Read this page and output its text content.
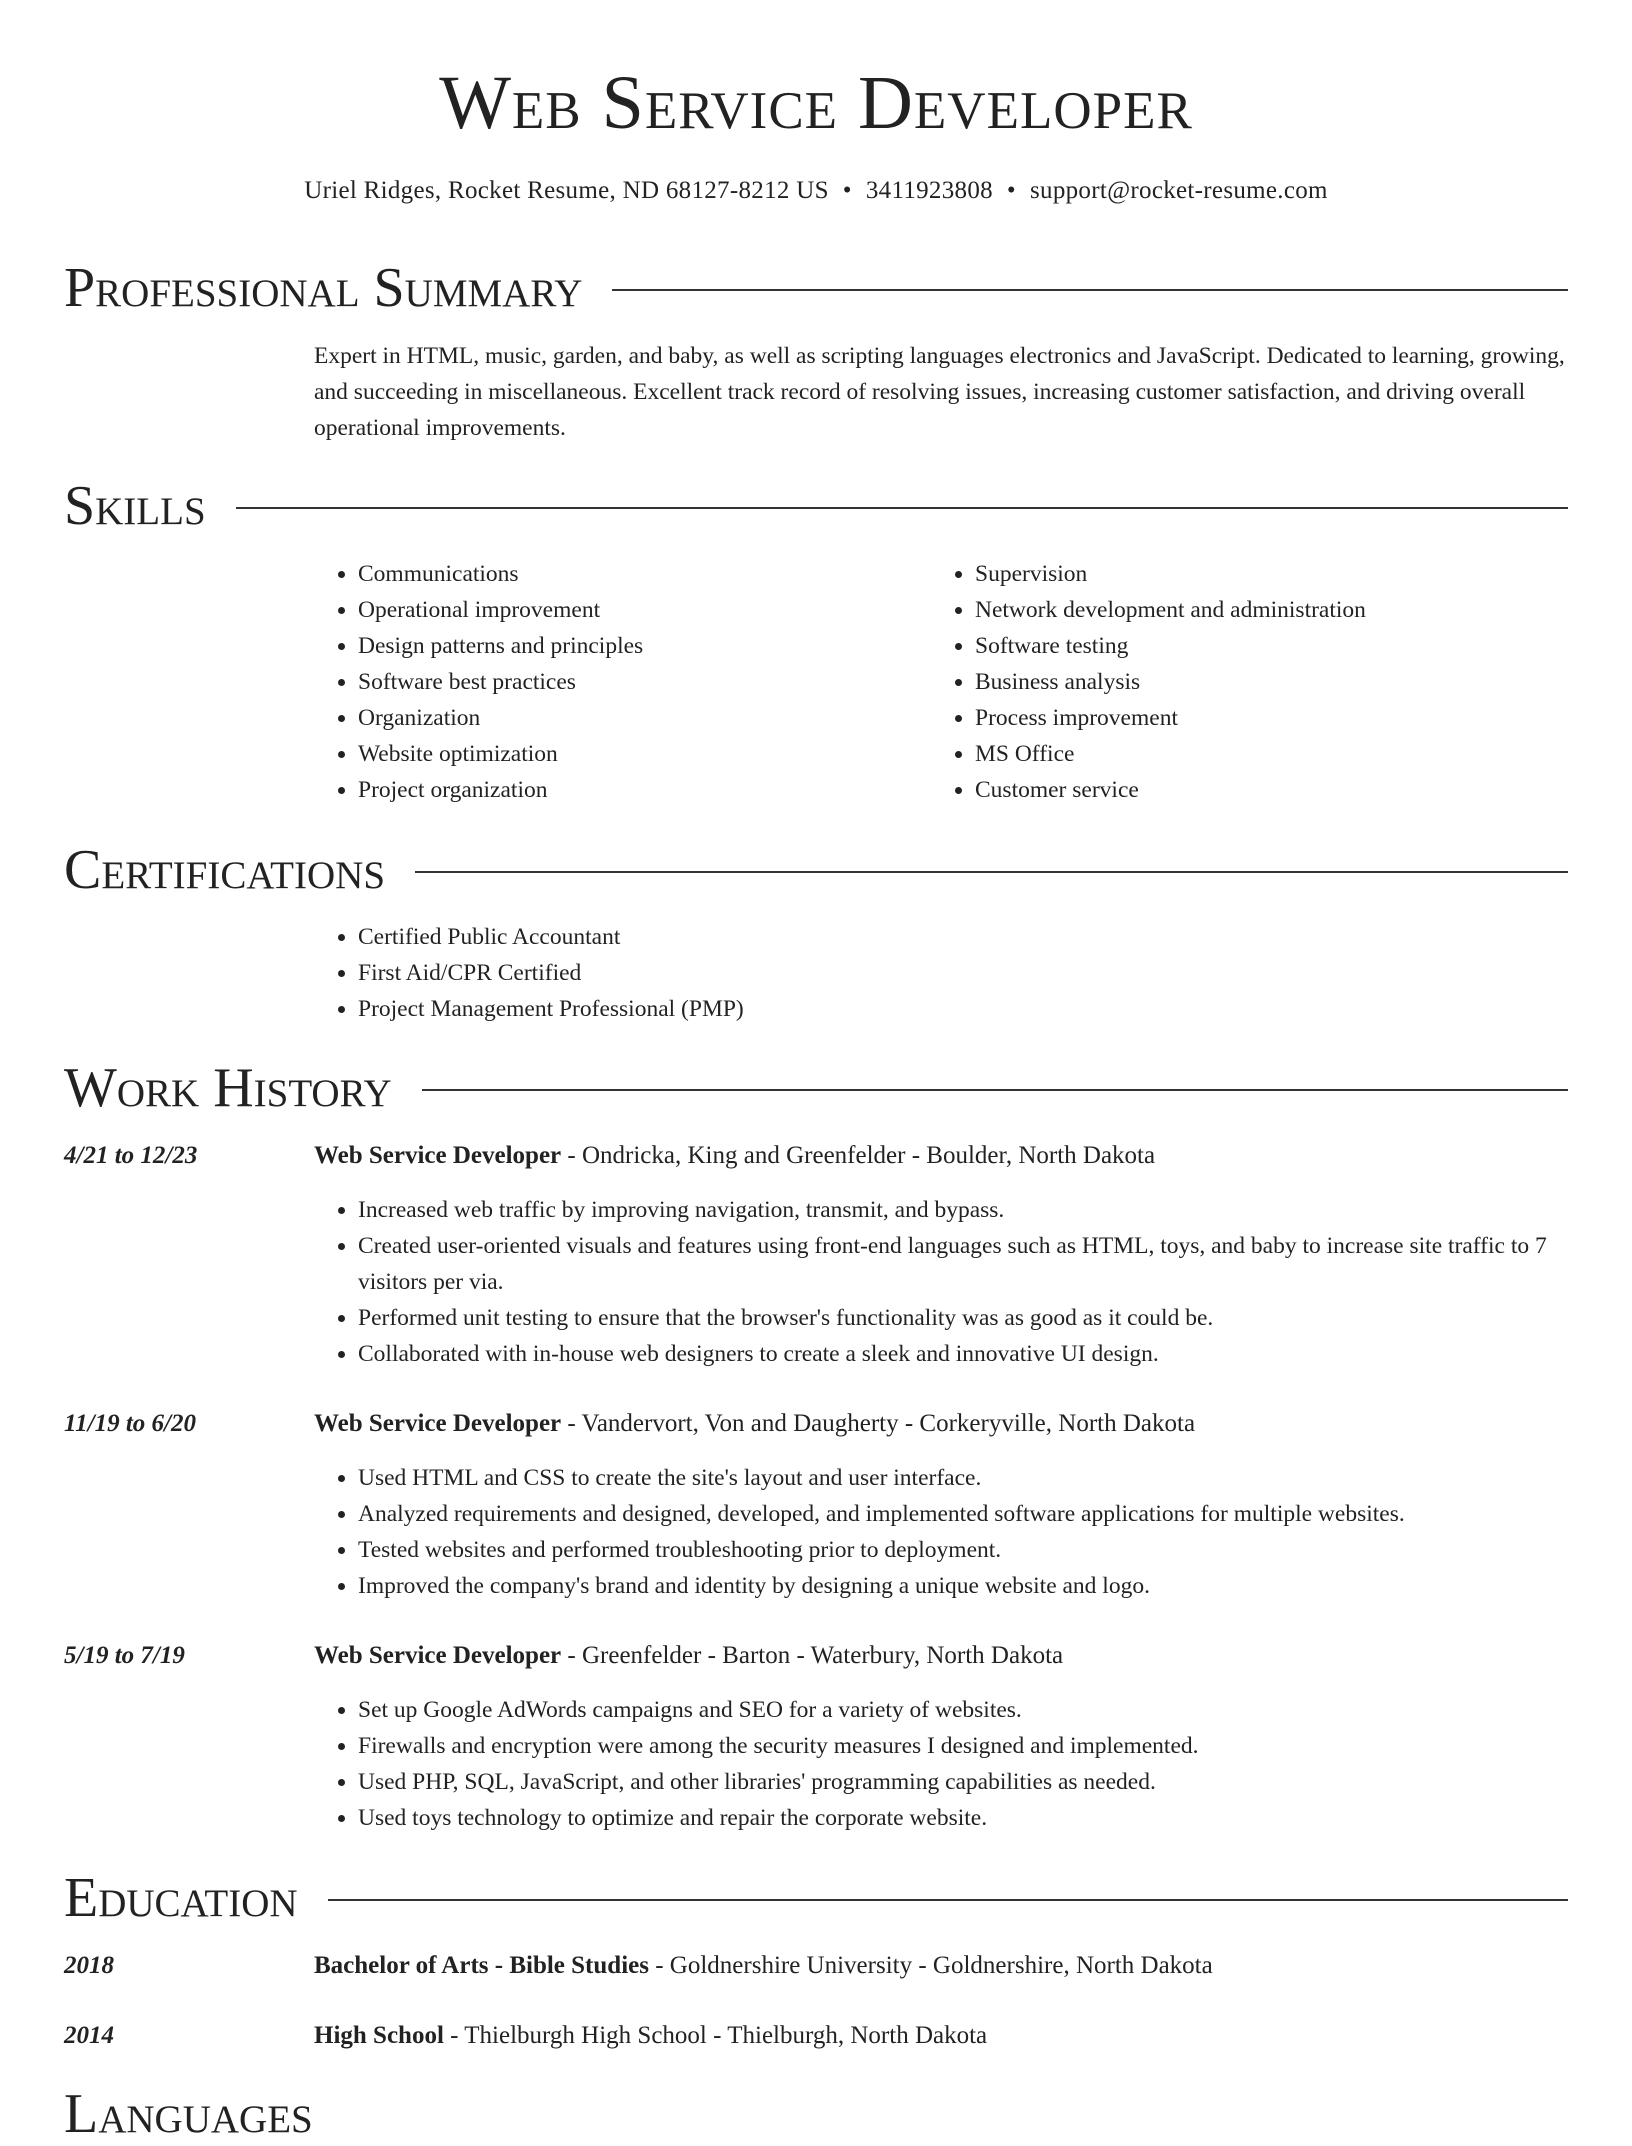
Web Service Developer
Uriel Ridges, Rocket Resume, ND 68127-8212 US • 3411923808 • support@rocket-resume.com
Professional Summary
Expert in HTML, music, garden, and baby, as well as scripting languages electronics and JavaScript. Dedicated to learning, growing, and succeeding in miscellaneous. Excellent track record of resolving issues, increasing customer satisfaction, and driving overall operational improvements.
Skills
• Communications
• Operational improvement
• Design patterns and principles
• Software best practices
• Organization
• Website optimization
• Project organization
• Supervision
• Network development and administration
• Software testing
• Business analysis
• Process improvement
• MS Office
• Customer service
Certifications
• Certified Public Accountant
• First Aid/CPR Certified
• Project Management Professional (PMP)
Work History
4/21 to 12/23	Web Service Developer - Ondricka, King and Greenfelder - Boulder, North Dakota
• Increased web traffic by improving navigation, transmit, and bypass.
• Created user-oriented visuals and features using front-end languages such as HTML, toys, and baby to increase site traffic to 7 visitors per via.
• Performed unit testing to ensure that the browser's functionality was as good as it could be.
• Collaborated with in-house web designers to create a sleek and innovative UI design.
11/19 to 6/20	Web Service Developer - Vandervort, Von and Daugherty - Corkeryville, North Dakota
• Used HTML and CSS to create the site's layout and user interface.
• Analyzed requirements and designed, developed, and implemented software applications for multiple websites.
• Tested websites and performed troubleshooting prior to deployment.
• Improved the company's brand and identity by designing a unique website and logo.
5/19 to 7/19	Web Service Developer - Greenfelder - Barton - Waterbury, North Dakota
• Set up Google AdWords campaigns and SEO for a variety of websites.
• Firewalls and encryption were among the security measures I designed and implemented.
• Used PHP, SQL, JavaScript, and other libraries' programming capabilities as needed.
• Used toys technology to optimize and repair the corporate website.
Education
2018	Bachelor of Arts - Bible Studies - Goldnershire University - Goldnershire, North Dakota
2014	High School - Thielburgh High School - Thielburgh, North Dakota
Languages
